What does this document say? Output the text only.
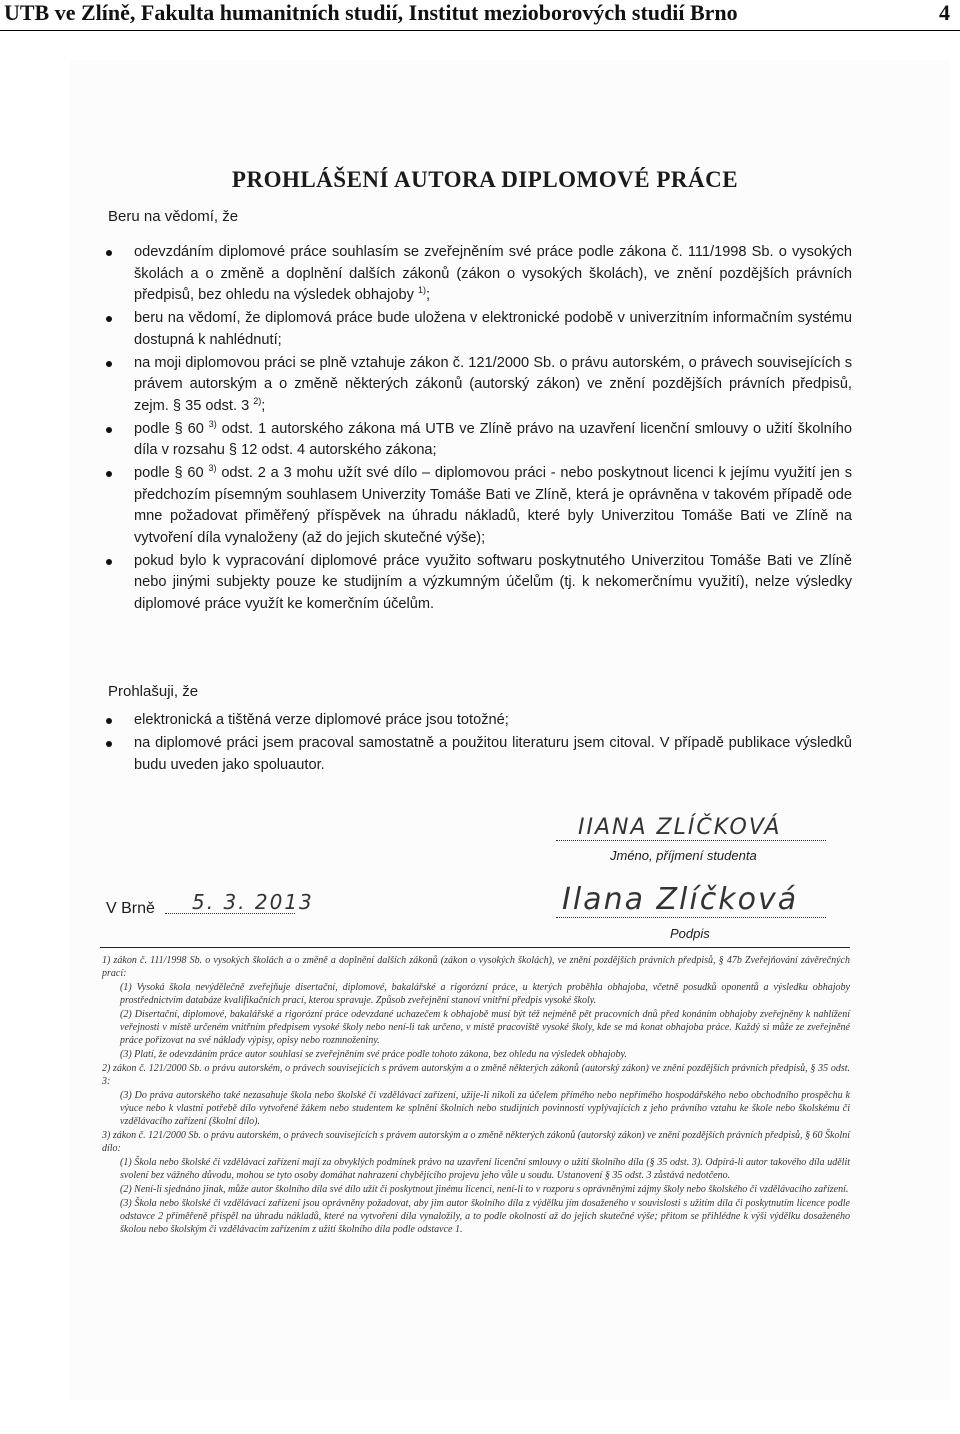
UTB ve Zlíně, Fakulta humanitních studií, Institut mezioborových studií Brno	4
PROHLÁŠENÍ AUTORA DIPLOMOVÉ PRÁCE
Beru na vědomí, že
odevzdáním diplomové práce souhlasím se zveřejněním své práce podle zákona č. 111/1998 Sb. o vysokých školách a o změně a doplnění dalších zákonů (zákon o vysokých školách), ve znění pozdějších právních předpisů, bez ohledu na výsledek obhajoby $^{1)}$;
beru na vědomí, že diplomová práce bude uložena v elektronické podobě v univerzitním informačním systému dostupná k nahlédnutí;
na moji diplomovou práci se plně vztahuje zákon č. 121/2000 Sb. o právu autorském, o právech souvisejících s právem autorským a o změně některých zákonů (autorský zákon) ve znění pozdějších právních předpisů, zejm. § 35 odst. 3 $^{2)}$;
podle § 60 $^{3)}$ odst. 1 autorského zákona má UTB ve Zlíně právo na uzavření licenční smlouvy o užití školního díla v rozsahu § 12 odst. 4 autorského zákona;
podle § 60 $^{3)}$ odst. 2 a 3 mohu užít své dílo – diplomovou práci - nebo poskytnout licenci k jejímu využití jen s předchozím písemným souhlasem Univerzity Tomáše Bati ve Zlíně, která je oprávněna v takovém případě ode mne požadovat přiměřený příspěvek na úhradu nákladů, které byly Univerzitou Tomáše Bati ve Zlíně na vytvoření díla vynaloženy (až do jejich skutečné výše);
pokud bylo k vypracování diplomové práce využito softwaru poskytnutého Univerzitou Tomáše Bati ve Zlíně nebo jinými subjekty pouze ke studijním a výzkumným účelům (tj. k nekomerčnímu využití), nelze výsledky diplomové práce využít ke komerčním účelům.
Prohlašuji, že
elektronická a tištěná verze diplomové práce jsou totožné;
na diplomové práci jsem pracoval samostatně a použitou literaturu jsem citoval. V případě publikace výsledků budu uveden jako spoluautor.
IIANA ZLÍČKOVÁ
Jméno, příjmení studenta
V Brně 5. 3. 2013	Ilana Zlíčková
Podpis

1) zákon č. 111/1998 Sb. o vysokých školách a o změně a doplnění dalších zákonů (zákon o vysokých školách), ve znění pozdějších právních předpisů, § 47b Zveřejňování závěrečných prací:

(1) Vysoká škola nevýdělečně zveřejňuje disertační, diplomové, bakalářské a rigorózní práce, u kterých proběhla obhajoba, včetně posudků oponentů a výsledku obhajoby prostřednictvím databáze kvalifikačních prací, kterou spravuje. Způsob zveřejnění stanoví vnitřní předpis vysoké školy.

(2) Disertační, diplomové, bakalářské a rigorózní práce odevzdané uchazečem k obhajobě musí být též nejméně pět pracovních dnů před konáním obhajoby zveřejněny k nahlížení veřejnosti v místě určeném vnitřním předpisem vysoké školy nebo není-li tak určeno, v místě pracoviště vysoké školy, kde se má konat obhajoba práce. Každý si může ze zveřejněné práce pořizovat na své náklady výpisy, opisy nebo rozmnoženiny.

(3) Platí, že odevzdáním práce autor souhlasí se zveřejněním své práce podle tohoto zákona, bez ohledu na výsledek obhajoby.

2) zákon č. 121/2000 Sb. o právu autorském, o právech souvisejících s právem autorským a o změně některých zákonů (autorský zákon) ve znění pozdějších právních předpisů, § 35 odst. 3:

(3) Do práva autorského také nezasahuje škola nebo školské či vzdělávací zařízení, užije-li nikoli za účelem přímého nebo nepřímého hospodářského nebo obchodního prospěchu k výuce nebo k vlastní potřebě dílo vytvořené žákem nebo studentem ke splnění školních nebo studijních povinností vyplývajících z jeho právního vztahu ke škole nebo školskému či vzdělávacího zařízení (školní dílo).

3) zákon č. 121/2000 Sb. o právu autorském, o právech souvisejících s právem autorským a o změně některých zákonů (autorský zákon) ve znění pozdějších právních předpisů, § 60 Školní dílo:

(1) Škola nebo školské či vzdělávací zařízení mají za obvyklých podmínek právo na uzavření licenční smlouvy o užití školního díla (§ 35 odst. 3). Odpírá-li autor takového díla udělit svolení bez vážného důvodu, mohou se tyto osoby domáhat nahrazení chybějícího projevu jeho vůle u soudu. Ustanovení § 35 odst. 3 zůstává nedotčeno.

(2) Není-li sjednáno jinak, může autor školního díla své dílo užít či poskytnout jinému licenci, není-li to v rozporu s oprávněnými zájmy školy nebo školského či vzdělávacího zařízení.

(3) Škola nebo školské či vzdělávací zařízení jsou oprávněny požadovat, aby jim autor školního díla z výdělku jím dosaženého v souvislosti s užitím díla či poskytnutím licence podle odstavce 2 přiměřeně přispěl na úhradu nákladů, které na vytvoření díla vynaložily, a to podle okolností až do jejich skutečné výše; přitom se přihlédne k výši výdělku dosaženého školou nebo školským či vzdělávacím zařízením z užití školního díla podle odstavce 1.
